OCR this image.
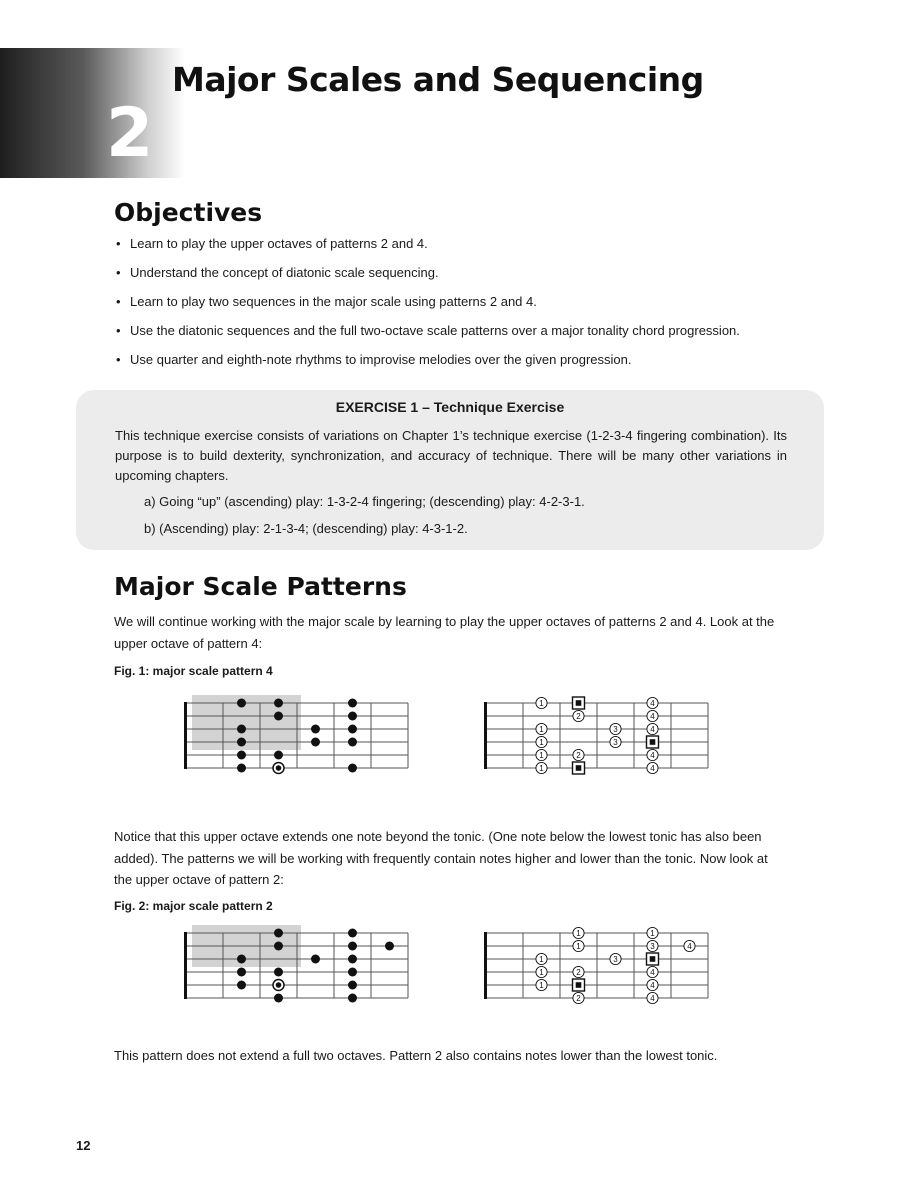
2
Major Scales and Sequencing
Objectives
• Learn to play the upper octaves of patterns 2 and 4.
• Understand the concept of diatonic scale sequencing.
• Learn to play two sequences in the major scale using patterns 2 and 4.
• Use the diatonic sequences and the full two-octave scale patterns over a major tonality chord progression.
• Use quarter and eighth-note rhythms to improvise melodies over the given progression.
EXERCISE 1 – Technique Exercise

This technique exercise consists of variations on Chapter 1’s technique exercise (1-2-3-4 fingering combination). Its purpose is to build dexterity, synchronization, and accuracy of technique. There will be many other variations in upcoming chapters.

a) Going “up” (ascending) play: 1-3-2-4 fingering; (descending) play: 4-2-3-1.
b) (Ascending) play: 2-1-3-4; (descending) play: 4-3-1-2.
Major Scale Patterns

We will continue working with the major scale by learning to play the upper octaves of patterns 2 and 4. Look at the upper octave of pattern 4:

Fig. 1: major scale pattern 4
1	4
2	4
1	3	4
1	3
1	2	4
1	4

Notice that this upper octave extends one note beyond the tonic. (One note below the lowest tonic has also been added). The patterns we will be working with frequently contain notes higher and lower than the tonic. Now look at the upper octave of pattern 2:

Fig. 2: major scale pattern 2
1	1
1	3	4
1	3
1	2	4
1	4
2	4

This pattern does not extend a full two octaves. Pattern 2 also contains notes lower than the lowest tonic.

12
